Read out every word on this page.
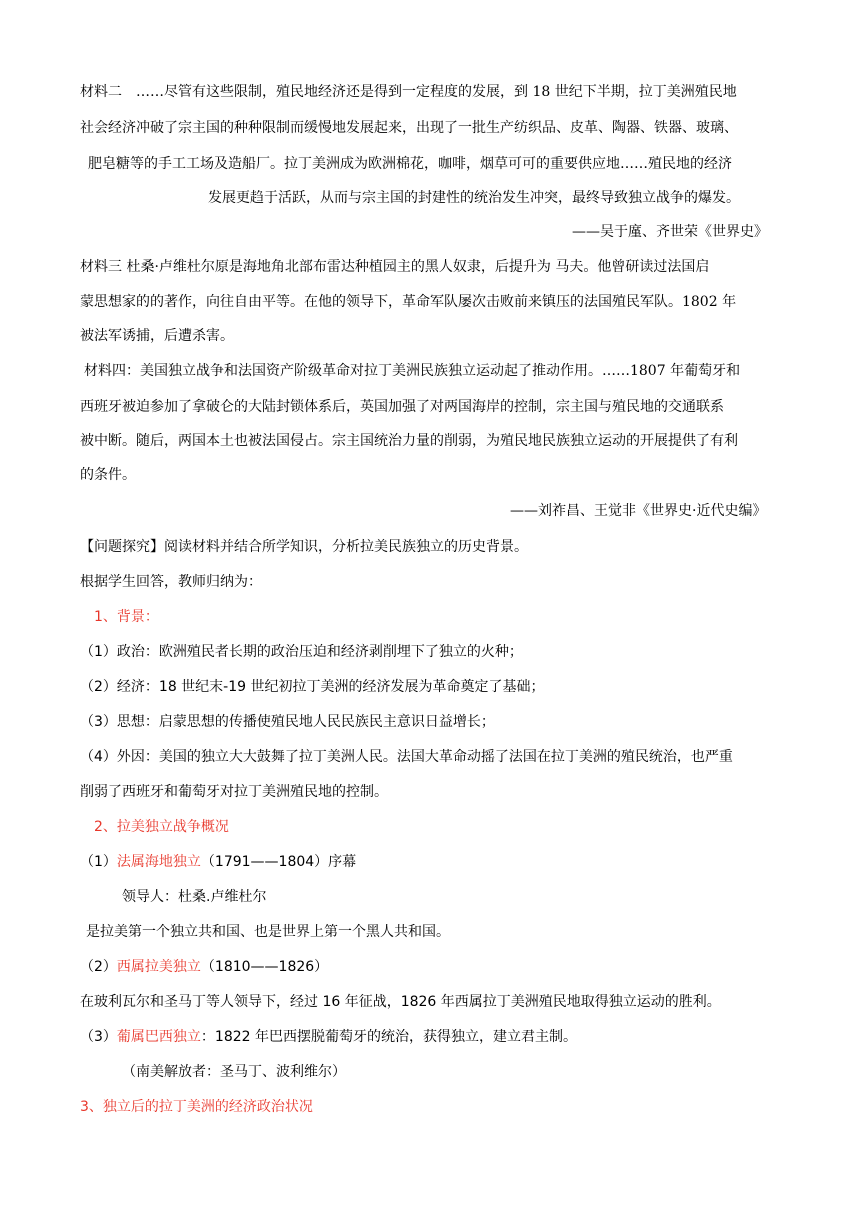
材料二 ……尽管有这些限制，殖民地经济还是得到一定程度的发展，到 18 世纪下半期，拉丁美洲殖民地
社会经济冲破了宗主国的种种限制而缓慢地发展起来，出现了一批生产纺织品、皮革、陶器、铁器、玻璃、
肥皂糖等的手工工场及造船厂。拉丁美洲成为欧洲棉花，咖啡，烟草可可的重要供应地……殖民地的经济
发展更趋于活跃，从而与宗主国的封建性的统治发生冲突，最终导致独立战争的爆发。
——吴于廑、齐世荣《世界史》
材料三 杜桑·卢维杜尔原是海地角北部布雷达种植园主的黑人奴隶，后提升为 马夫。他曾研读过法国启
蒙思想家的的著作，向往自由平等。在他的领导下，革命军队屡次击败前来镇压的法国殖民军队。1802 年
被法军诱捕，后遭杀害。
材料四：美国独立战争和法国资产阶级革命对拉丁美洲民族独立运动起了推动作用。……1807 年葡萄牙和
西班牙被迫参加了拿破仑的大陆封锁体系后，英国加强了对两国海岸的控制，宗主国与殖民地的交通联系
被中断。随后，两国本土也被法国侵占。宗主国统治力量的削弱，为殖民地民族独立运动的开展提供了有利
的条件。
——刘祚昌、王觉非《世界史·近代史编》
【问题探究】阅读材料并结合所学知识，分析拉美民族独立的历史背景。
根据学生回答，教师归纳为：
1、背景：
（1）政治：欧洲殖民者长期的政治压迫和经济剥削埋下了独立的火种；
（2）经济：18 世纪末-19 世纪初拉丁美洲的经济发展为革命奠定了基础；
（3）思想：启蒙思想的传播使殖民地人民民族民主意识日益增长；
（4）外因：美国的独立大大鼓舞了拉丁美洲人民。法国大革命动摇了法国在拉丁美洲的殖民统治，也严重
削弱了西班牙和葡萄牙对拉丁美洲殖民地的控制。
2、拉美独立战争概况
（1）法属海地独立（1791——1804）序幕
领导人：杜桑.卢维杜尔
是拉美第一个独立共和国、也是世界上第一个黑人共和国。
（2）西属拉美独立（1810——1826）
在玻利瓦尔和圣马丁等人领导下，经过 16 年征战，1826 年西属拉丁美洲殖民地取得独立运动的胜利。
（3）葡属巴西独立：1822 年巴西摆脱葡萄牙的统治，获得独立，建立君主制。
（南美解放者：圣马丁、波利维尔）
3、独立后的拉丁美洲的经济政治状况
